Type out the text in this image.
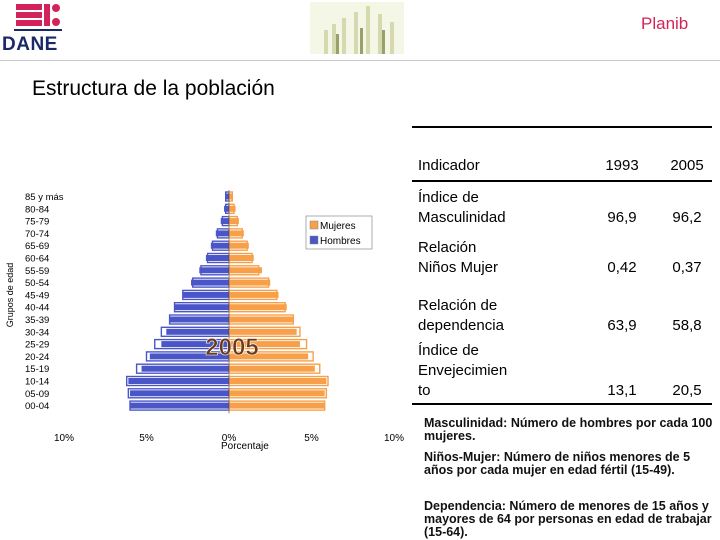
DANE
Planib
Estructura de la población
00-04
05-09
10-14
15-19
20-24
25-29
30-34
35-39
40-44
45-49
50-54
55-59
60-64
65-69
70-74
75-79
80-84
85 y más
10%	5%	0%	5%	10%
Grupos de edad
Porcentaje
Mujeres
Hombres
2005
Indicador	1993	2005
Índice de
Masculinidad	96,9	96,2
Relación
Niños Mujer	0,42	0,37
Relación de
dependencia	63,9	58,8
Índice de
Envejecimien
to	13,1	20,5
Masculinidad: Número de hombres por cada 100 mujeres.
Niños-Mujer: Número de niños menores de 5 años por cada mujer en edad fértil (15-49).
Dependencia: Número de menores de 15 años y mayores de 64 por personas en edad de trabajar (15-64).
